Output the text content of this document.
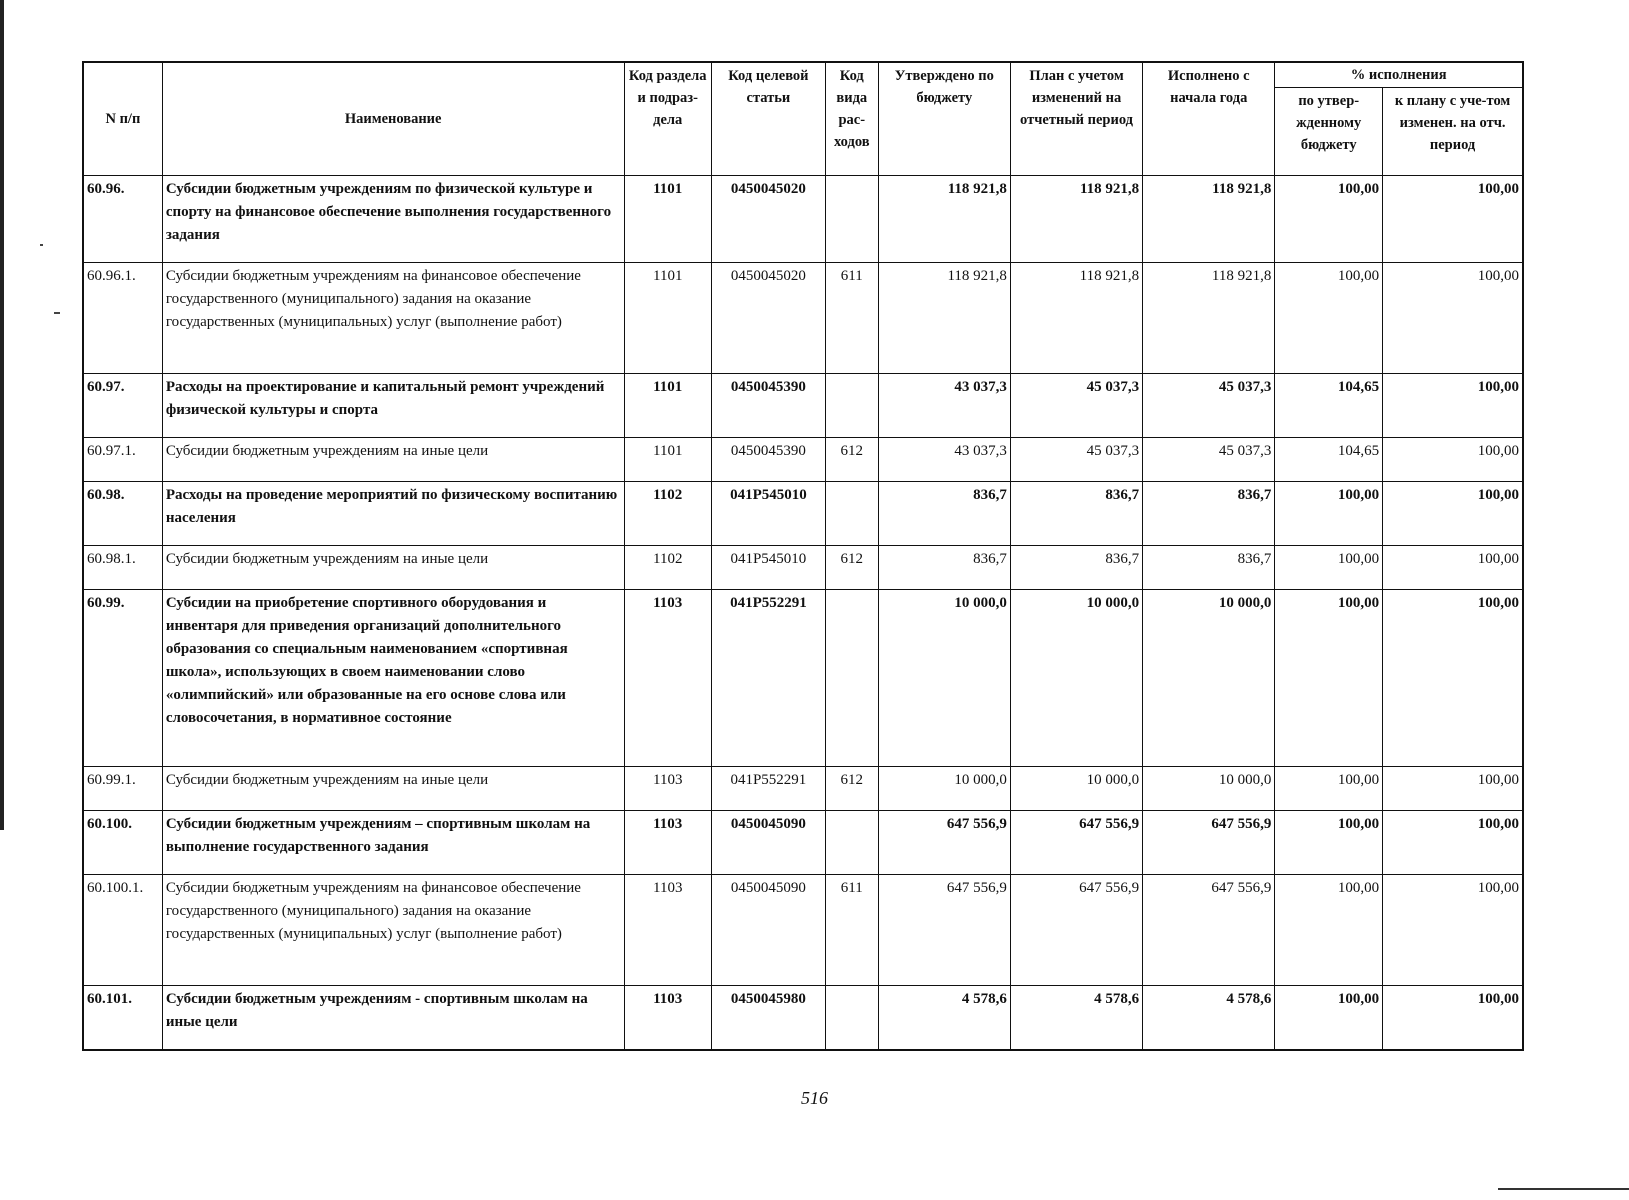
N п/п	Наименование	Код раздела и подраз-дела	Код целевой статьи	Код вида рас-ходов	Утверждено по бюджету	План с учетом изменений на отчетный период	Исполнено с начала года	% исполнения	
								по утвер-жденному бюджету	к плану с уче-том изменен. на отч. период
60.96.	Субсидии бюджетным учреждениям по физической культуре и спорту на финансовое обеспечение выполнения государственного задания	1101	0450045020		118 921,8	118 921,8	118 921,8	100,00	100,00
60.96.1.	Субсидии бюджетным учреждениям на финансовое обеспечение государственного (муниципального) задания на оказание государственных (муниципальных) услуг (выполнение работ)	1101	0450045020	611	118 921,8	118 921,8	118 921,8	100,00	100,00
60.97.	Расходы на проектирование и капитальный ремонт учреждений физической культуры и спорта	1101	0450045390		43 037,3	45 037,3	45 037,3	104,65	100,00
60.97.1.	Субсидии бюджетным учреждениям на иные цели	1101	0450045390	612	43 037,3	45 037,3	45 037,3	104,65	100,00
60.98.	Расходы на проведение мероприятий по физическому воспитанию населения	1102	041P545010		836,7	836,7	836,7	100,00	100,00
60.98.1.	Субсидии бюджетным учреждениям на иные цели	1102	041P545010	612	836,7	836,7	836,7	100,00	100,00
60.99.	Субсидии на приобретение спортивного оборудования и инвентаря для приведения организаций дополнительного образования со специальным наименованием «спортивная школа», использующих в своем наименовании слово «олимпийский» или образованные на его основе слова или словосочетания, в нормативное состояние	1103	041P552291		10 000,0	10 000,0	10 000,0	100,00	100,00
60.99.1.	Субсидии бюджетным учреждениям на иные цели	1103	041P552291	612	10 000,0	10 000,0	10 000,0	100,00	100,00
60.100.	Субсидии бюджетным учреждениям – спортивным школам на выполнение государственного задания	1103	0450045090		647 556,9	647 556,9	647 556,9	100,00	100,00
60.100.1.	Субсидии бюджетным учреждениям на финансовое обеспечение государственного (муниципального) задания на оказание государственных (муниципальных) услуг (выполнение работ)	1103	0450045090	611	647 556,9	647 556,9	647 556,9	100,00	100,00
60.101.	Субсидии бюджетным учреждениям - спортивным школам на иные цели	1103	0450045980		4 578,6	4 578,6	4 578,6	100,00	100,00
516
